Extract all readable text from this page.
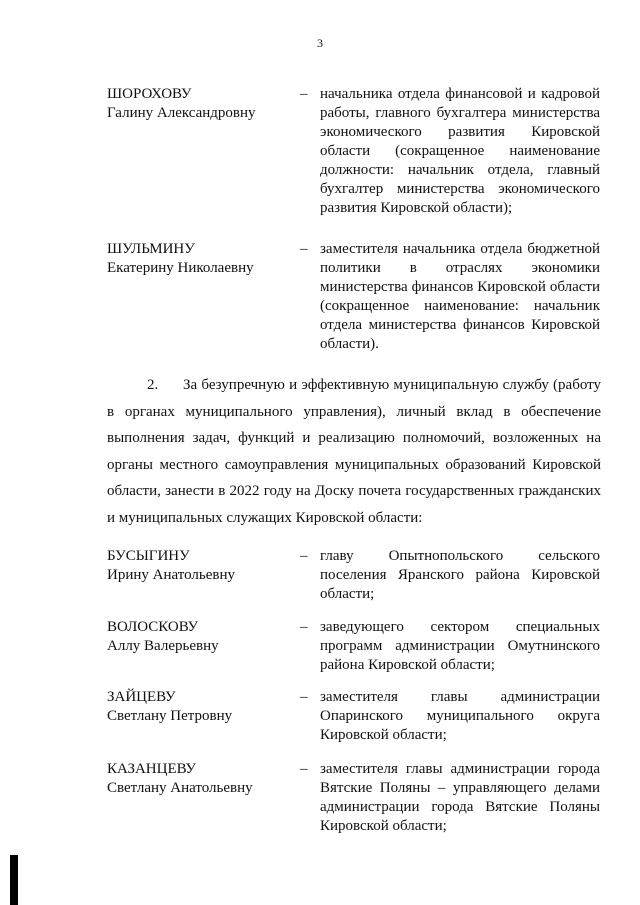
3
ШОРОХОВУ
Галину Александровну
– начальника отдела финансовой и кадровой работы, главного бухгалтера министерства экономического развития Кировской области (сокращенное наименование должности: начальник отдела, главный бухгалтер министерства экономического развития Кировской области);
ШУЛЬМИНУ
Екатерину Николаевну
– заместителя начальника отдела бюджетной политики в отраслях экономики министерства финансов Кировской области (сокращенное наименование: начальник отдела министерства финансов Кировской области).
2. За безупречную и эффективную муниципальную службу (работу в органах муниципального управления), личный вклад в обеспечение выполнения задач, функций и реализацию полномочий, возложенных на органы местного самоуправления муниципальных образований Кировской области, занести в 2022 году на Доску почета государственных гражданских и муниципальных служащих Кировской области:
БУСЫГИНУ
Ирину Анатольевну
– главу Опытнопольского сельского поселения Яранского района Кировской области;
ВОЛОСКОВУ
Аллу Валерьевну
– заведующего сектором специальных программ администрации Омутнинского района Кировской области;
ЗАЙЦЕВУ
Светлану Петровну
– заместителя главы администрации Опаринского муниципального округа Кировской области;
КАЗАНЦЕВУ
Светлану Анатольевну
– заместителя главы администрации города Вятские Поляны – управляющего делами администрации города Вятские Поляны Кировской области;
